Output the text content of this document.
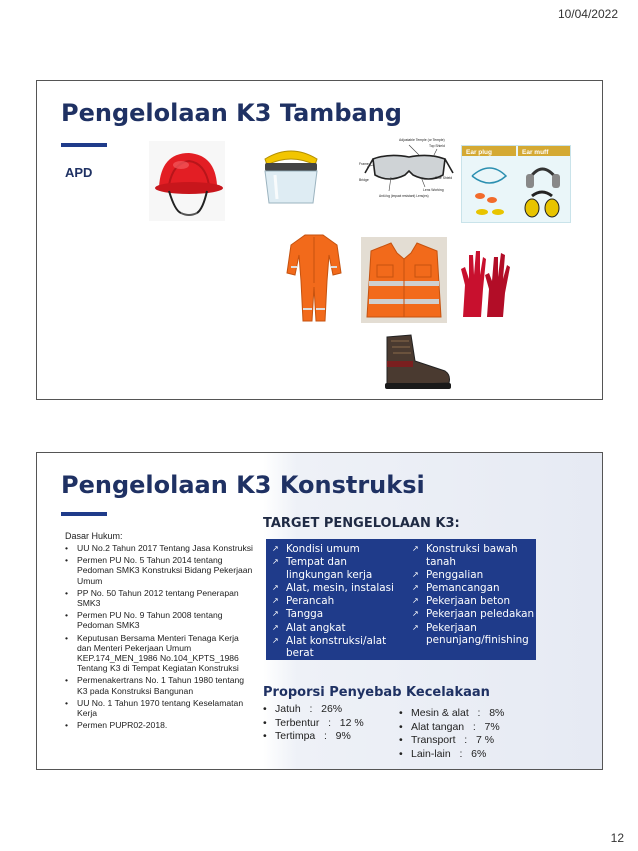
10/04/2022
Pengelolaan K3 Tambang
APD
Adjustable Temple (or Temple)
Top Shield
Frame
Bridge
Lens Working
Side Shield
Anti-fog (impact resistant) Lens(es)
Ear plug	Ear muff
Pengelolaan K3 Konstruksi
Dasar Hukum:
• UU No.2 Tahun 2017 Tentang Jasa Konstruksi
• Permen PU No. 5 Tahun 2014 tentang Pedoman SMK3 Konstruksi Bidang Pekerjaan Umum
• PP No. 50 Tahun 2012 tentang Penerapan SMK3
• Permen PU No. 9 Tahun 2008 tentang Pedoman SMK3
• Keputusan Bersama Menteri Tenaga Kerja dan Menteri Pekerjaan Umum KEP.174_MEN_1986 No.104_KPTS_1986 Tentang K3 di Tempat Kegiatan Konstruksi
• Permenakertrans No. 1 Tahun 1980 tentang K3 pada Konstruksi Bangunan
• UU No. 1 Tahun 1970 tentang Keselamatan Kerja
• Permen PUPR02-2018.
TARGET PENGELOLAAN K3:
↗ Kondisi umum
↗ Tempat dan lingkungan kerja
↗ Alat, mesin, instalasi
↗ Perancah
↗ Tangga
↗ Alat angkat
↗ Alat konstruksi/alat berat
↗ Konstruksi bawah tanah
↗ Penggalian
↗ Pemancangan
↗ Pekerjaan beton
↗ Pekerjaan peledakan
↗ Pekerjaan penunjang/finishing
Proporsi Penyebab Kecelakaan
• Jatuh   :   26%
• Terbentur   :   12 %
• Tertimpa   :   9%
• Mesin & alat   :   8%
• Alat tangan   :   7%
• Transport   :   7 %
• Lain-lain   :   6%
12
